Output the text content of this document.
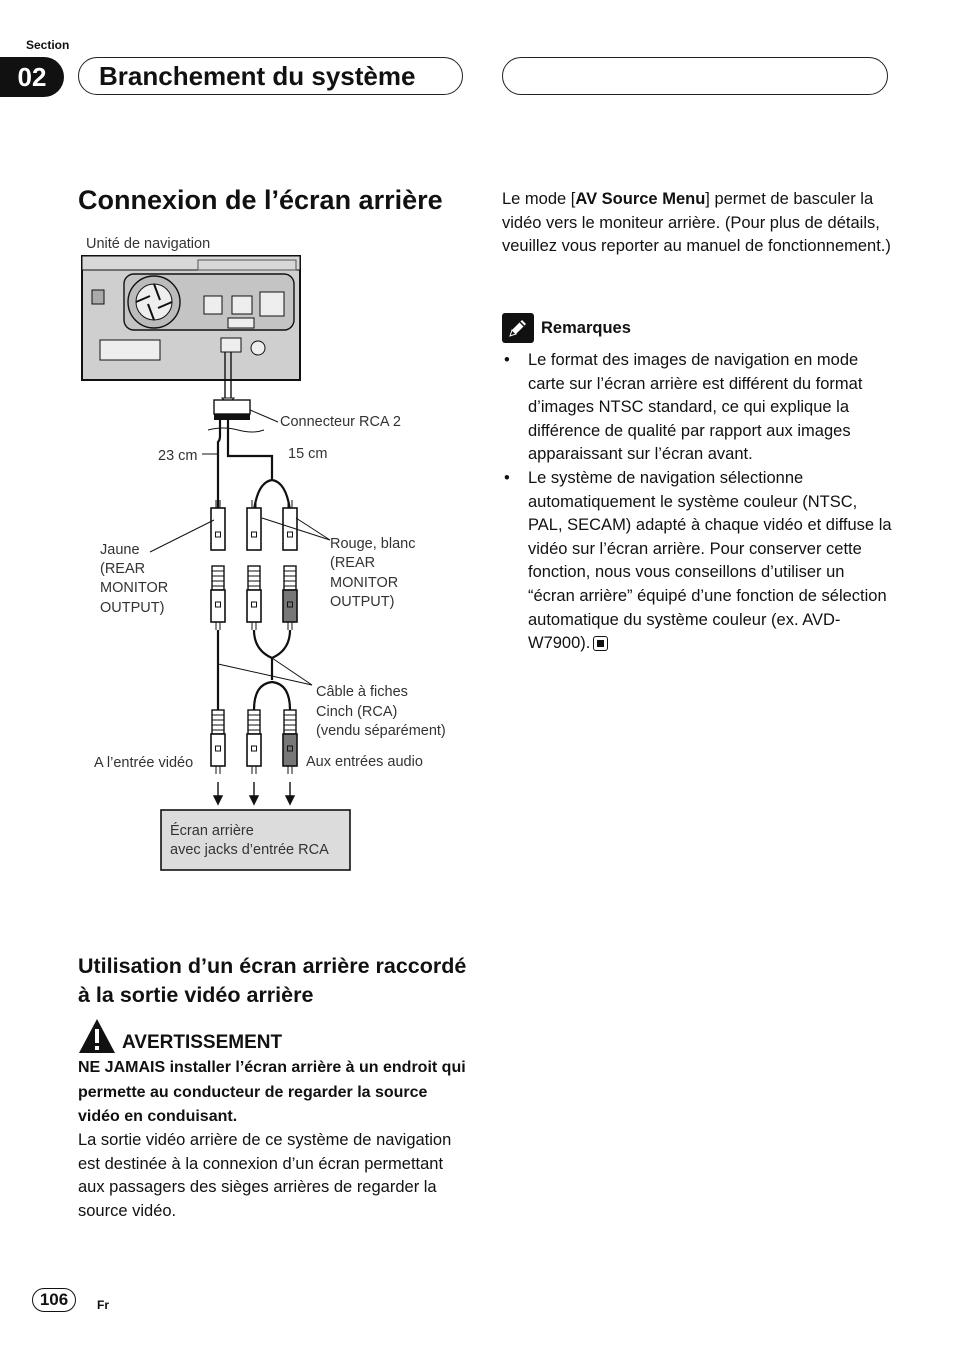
Section
02	Branchement du système
Connexion de l’écran arrière
Unité de navigation
Connecteur RCA 2
23 cm	15 cm
Jaune (REAR MONITOR OUTPUT)
Rouge, blanc (REAR MONITOR OUTPUT)
Câble à fiches Cinch (RCA) (vendu séparément)
A l’entrée vidéo	Aux entrées audio
Écran arrière avec jacks d’entrée RCA
Utilisation d’un écran arrière raccordé à la sortie vidéo arrière
AVERTISSEMENT
NE JAMAIS installer l’écran arrière à un endroit qui permette au conducteur de regarder la source vidéo en conduisant.
La sortie vidéo arrière de ce système de navigation est destinée à la connexion d’un écran permettant aux passagers des sièges arrières de regarder la source vidéo.
Le mode [AV Source Menu] permet de basculer la vidéo vers le moniteur arrière. (Pour plus de détails, veuillez vous reporter au manuel de fonctionnement.)
Remarques
• Le format des images de navigation en mode carte sur l’écran arrière est différent du format d’images NTSC standard, ce qui explique la différence de qualité par rapport aux images apparaissant sur l’écran avant.
• Le système de navigation sélectionne automatiquement le système couleur (NTSC, PAL, SECAM) adapté à chaque vidéo et diffuse la vidéo sur l’écran arrière. Pour conserver cette fonction, nous vous conseillons d’utiliser un “écran arrière” équipé d’une fonction de sélection automatique du système couleur (ex. AVD-W7900).
106	Fr
